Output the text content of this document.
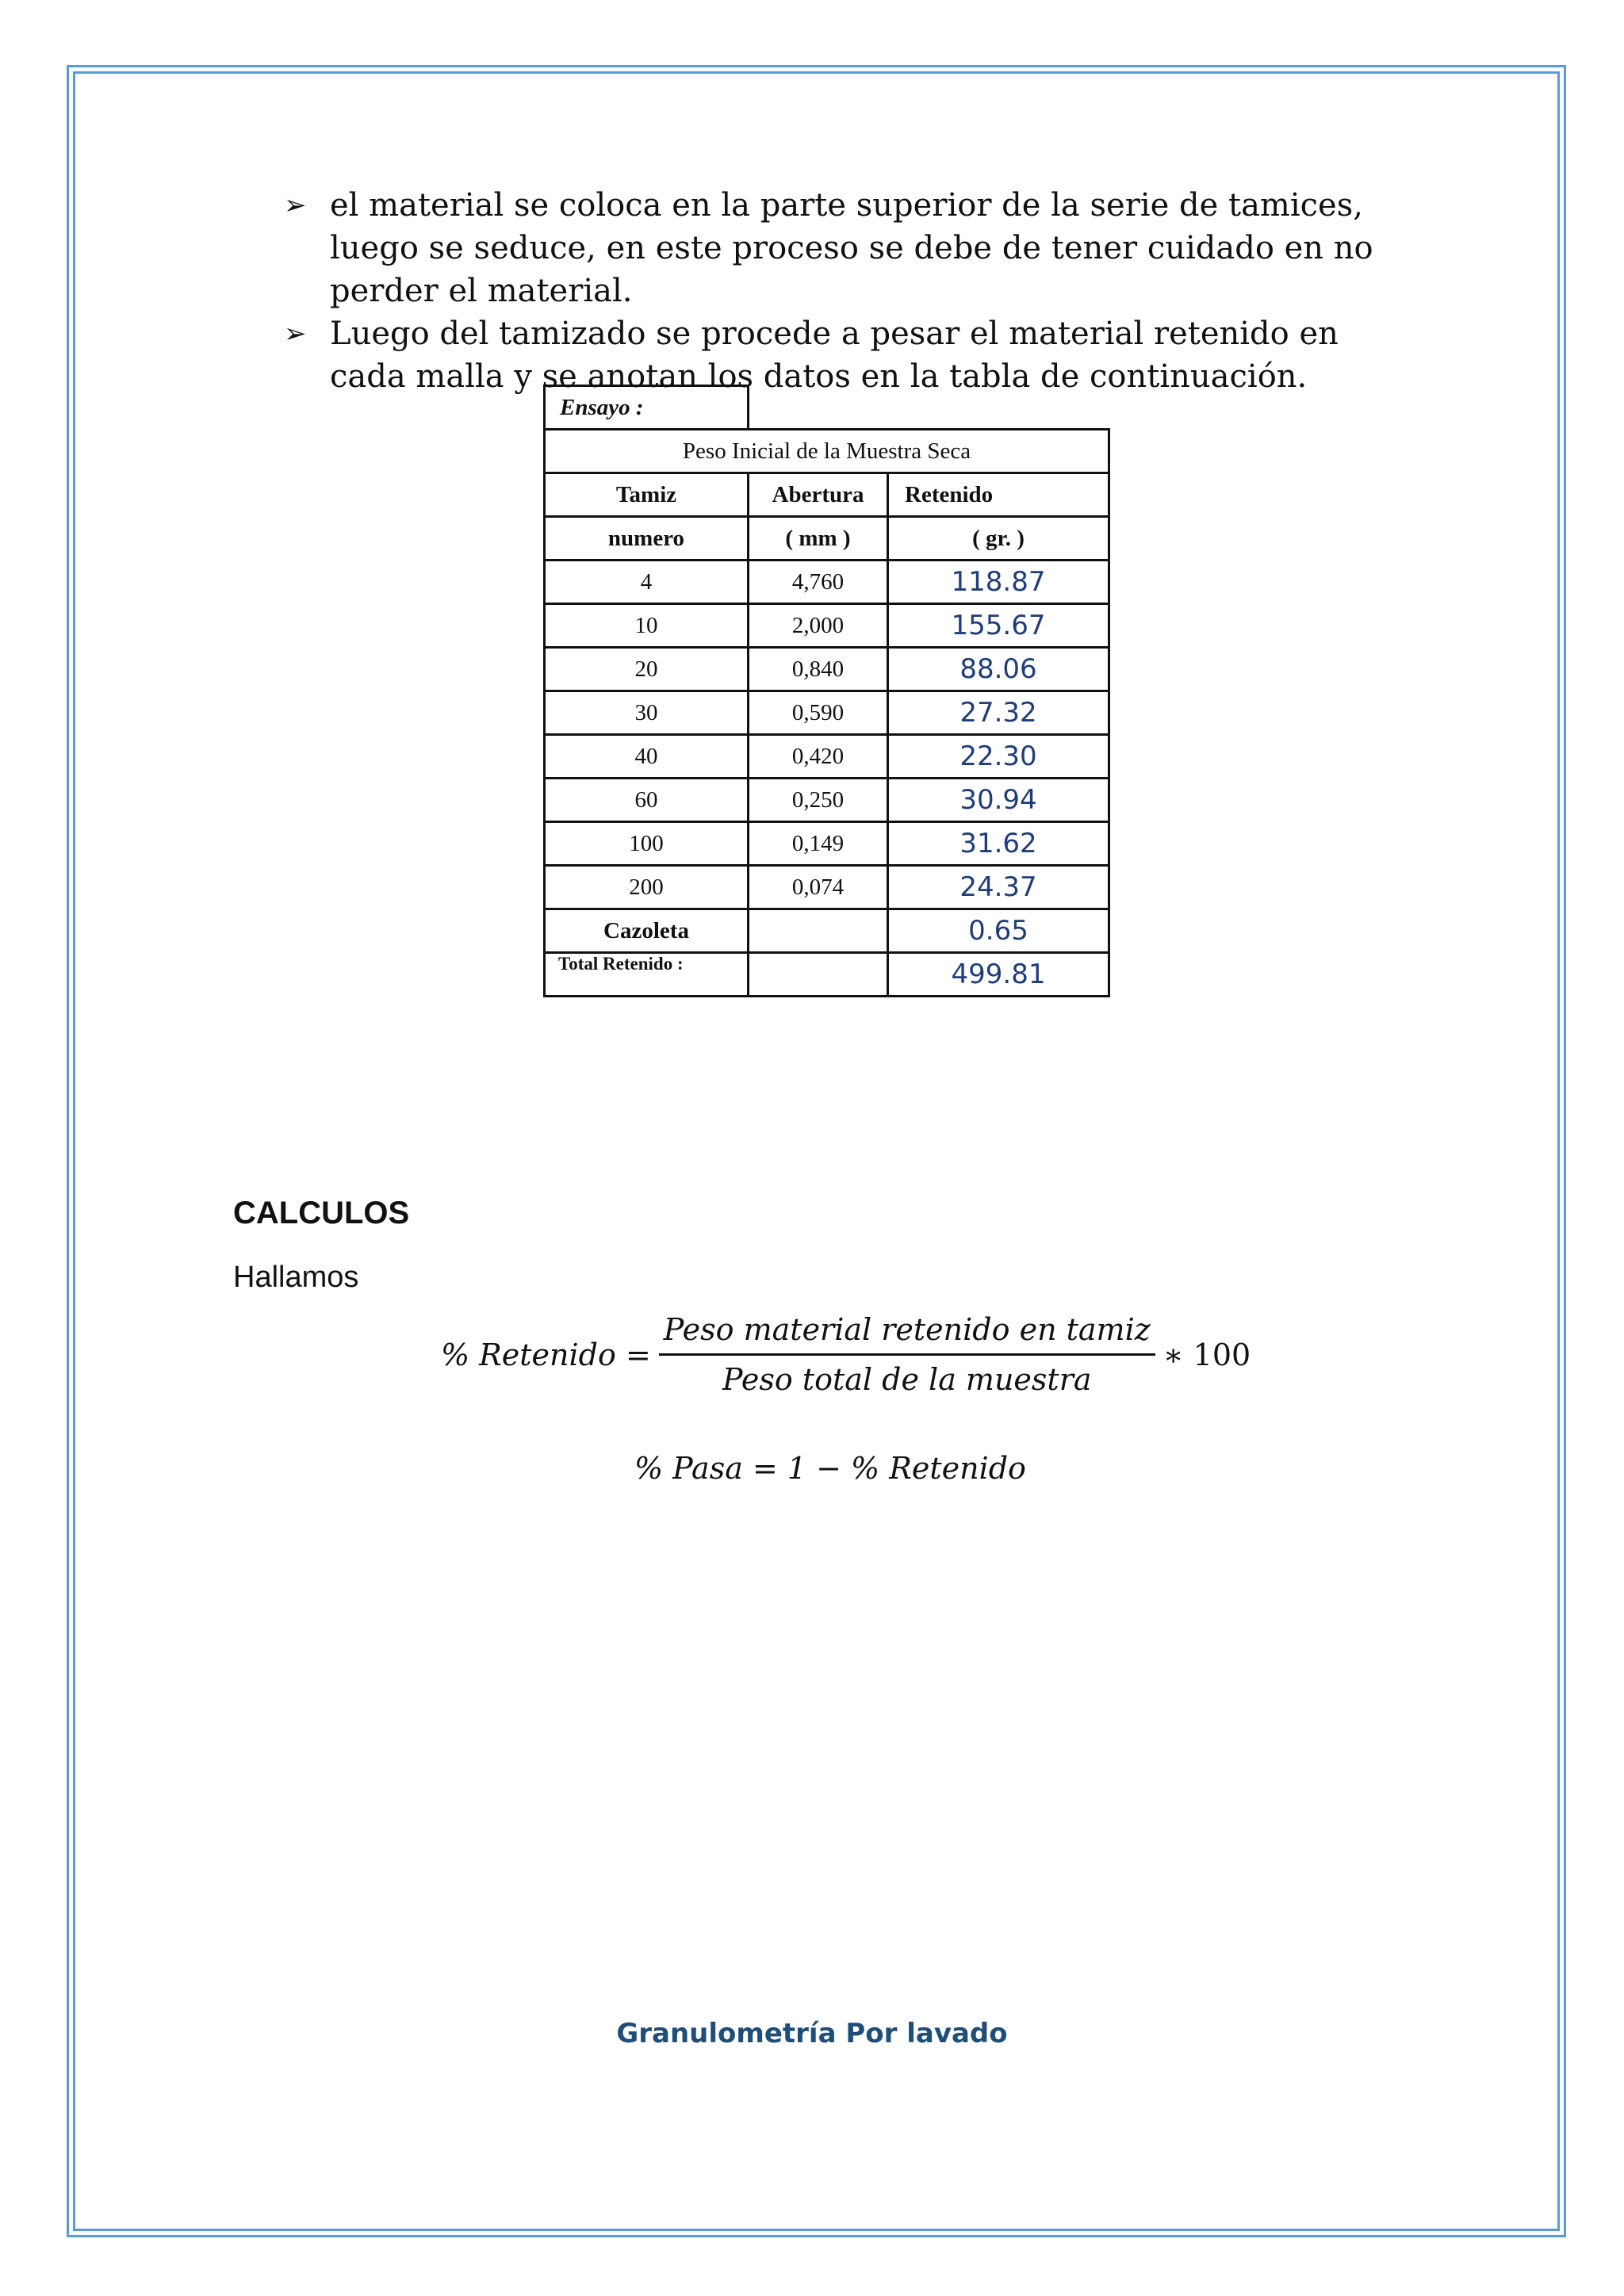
➢ el material se coloca en la parte superior de la serie de tamices, luego se seduce, en este proceso se debe de tener cuidado en no perder el material.
➢ Luego del tamizado se procede a pesar el material retenido en cada malla y se anotan los datos en la tabla de continuación.
Ensayo :		
Peso Inicial de la Muestra Seca		
Tamiz	Abertura	Retenido
numero	( mm )	( gr. )
4	4,760	118.87
10	2,000	155.67
20	0,840	88.06
30	0,590	27.32
40	0,420	22.30
60	0,250	30.94
100	0,149	31.62
200	0,074	24.37
Cazoleta		0.65
Total Retenido :		499.81
CALCULOS
Hallamos
% Retenido = $\frac{\text{Peso material retenido en tamiz}}{\text{Peso total de la muestra}}$ ∗ 100
% Pasa = 1 − % Retenido
Granulometría Por lavado
